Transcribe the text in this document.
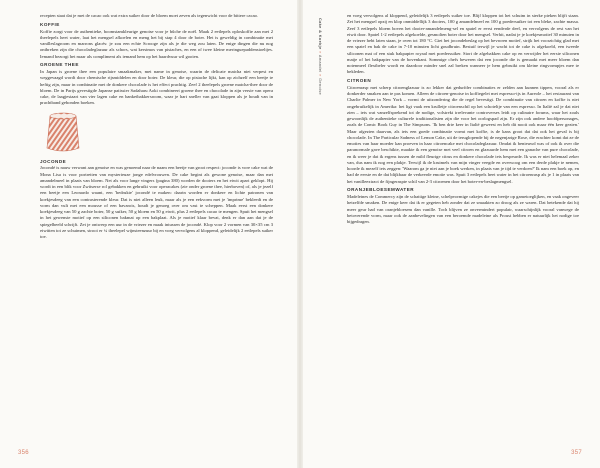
recepten staat dat je met de cacao ook wat extra suiker door de bloem moet zeven als tegenwicht voor de bittere cacao.

KOFFIE

Koffie zorgt voor de authentieke, boomstamkleurige genoise voor je bûche de noël. Maak 2 eetlepels oploskoffie aan met 2 theelepels heet water, laat het mengsel afkoelen en meng het bij stap 4 door de boter. Het is geweldig in combinatie met vanilleslagroom en marrons glacés: je zou een echte Scrooge zijn als je die weg zou laten. De enige dingen die nu nog ontbreken zijn die chocoladeglazuur als schors, wat kerstmos van pistaches, en een of twee kleine meringuepaddenstoeltjes. Iemand bezorgt het maar als compliment als iemand hem op het haardvuur wil gooien.

GROENE THEE

In Japan is groene thee een populaire smaakmaker, met name in genoise, waarin de delicate matcha niet verpest en weggevaagd wordt door chemische rijsmiddelen en door boter. De kleur, die op pistache lijkt, kan op zichzelf een beetje te heftig zijn, maar in combinatie met de donkere chocolade is het effect prachtig. Zeef 2 theelepels groene matcha-thee door de bloem. De in Parijs gevestigde Japanse patissier Sadaharu Aoki combineert groene thee en chocolade in zijn versie van opera cake, de laagjestaart van vier lagen cake en banketbakkersroom, waar je hart sneller van gaat kloppen als je houdt van in prachtband gebonden boeken.

JOCONDE

Jocondé is nauw verwant aan genoise en was genoemd naar de naam een beetje van groot respect: joconde is vore cake wat de Mona Lisa is voor portretten van mysterieuze jonge edelvrouwen. De cake begint als gewone genoise, maar dan met amandelmeel in plaats van bloem. Net als voor lange vingers (pagina 380) worden de dooiers en het eiwit apart geklopt. Hij wordt in een blik voor Zwitserse rol gebakken en gebruikt voor operacakes (zie onder groene thee, hierboven) of, als je jezelf een beetje een Leonardo waant, een 'bedrukte' jocondé te maken: daarin worden er donkere en lichte patronen van koekjesdeeg van een contrasterende kleur. Dat is niet alleen leuk, maar als je een eekvorm met je 'imprime' bekleedt en de vorm dan vult met een mousse of een bavarois, houdt je genoeg over om vast te scheppen. Maak eerst een donkere koekjesdeeg van 50 g zachte boter, 50 g suiker, 50 g bloem en 50 g eiwit, plus 2 eetlepels cacao te mengen. Spuit het mengsel in het gewenste motief op een siliconen bakmat op een bakplaat. Als je motief klaar bevat, denk er dan aan dat je de spiegelbeeld schrijft. Zet je ontwerp een uur in de vriezer en maak intussen de jocondé. Klop voor 2 vormen van 30×35 cm 3 eiwitten tot ze schuimen, strooi er ¼ theelepel wijnsteenzuur bij en voeg vervolgens al kloppend, geleidelijk 2 eetlepels suiker toe.

356
Cake & Koekje » Amandel » Genoise

en voeg vervolgens al kloppend, geleidelijk 3 eetlepels suiker toe. Blijf kloppen tot het schuim in sterke pieken blijft staan. Zet het mengsel opzij en klop onmiddellijk 3 dooiers, 100 g amandelmeel en 100 g poedersuiker tot een bleke, zachte massa. Zeef 3 eetlepels bloem boven het dooier-amandelmeng-sel en spatel er eerst eenderde deel, en vervolgens de rest van het eiwit door. Spatel 1-2 eetlepels afgekoelde, gesmolten boter door het mengsel. Verhit, nadat je je koekjesmotief 30 minuten in de vriezer hebt laten staan, je oven tot 180 °C. Giet het jocondebeslag op het bevroren motief, strijk het voorzichtig glad met een spatel en bak de cake in 7-10 minuten licht goudbruin. Bestuif terwijl je wacht tot de cake is afgekoeld, een tweede siliconen mat of een stuk bakpapier royaal met poedersuiker. Stort de afgebakken cake op en verwijder het eerste siliconen matje of het bakpapier van de bovenkant. Sommige chefs beweren dat een joconde die is gemaakt met meer bloem dan notenmeel flexibeler wordt en daardoor minder snel zal breken wanneer je hem gebruikt om kleine ringvormpjes mee te bekleden.

CITROEN

Citroenrasp met scherp citroenglazuur is zo lekker dat gedurfder combinaties er zelden aan kunnen tippen, vooral als er donkerder smaken aan te pas komen. Alleen de citroen-genoise in koffiegelei met espresso-ijs in Aureole – het restaurant van Charlie Palmer in New York – vormt de uitzondering die de regel bevestigt. De combinatie van citroen en koffie is niet ongebruikelijk in Amerika: het ligt vaak een krulletje citroenschil op het schoteltje van een espresso. In Italië zal je dat niet zien – iets wat vanzelfsprekend tot de nodige, volstrekt irrelevante controverses leidt op culinaire forums, waar het zoals gewoonlijk de authentieke culturele traditionalisten zijn die voor het oorlogspad zijn. Er zijn ook andere hoofdpersonages, zoals de Comic Book Guy in The Simpsons. 'Ik ben drie keer in Italië geweest en heb dit nooit ook maar één keer gezien.' Maar afgezien daarvan, als iets een goede combinatie vormt met koffie, is de kans groot dat dat ook het geval is bij chocolade. In The Particular Sadness of Lemon Cake, uit de teruglopende bij de negenjarige Rose, die erachter komt dat ze de emoties van haar moeder kan proeven in haar citroencake met chocoladeglazuur. Omdat ik benieuwd was of ook ik over die paranormale gave beschikte, maakte ik een genoise met veel citroen en glazuurde hem met een ganache van pure chocolade, en ik weer je dat ik ergens tussen de mild fleurige citrus en donkere chocolade iets bespeurde. Ik was er niet helemaal zeker van, dus nam ik nog een plakje. Terwijl ik de kruimels van mijn vinger veegde en overwoog om een derde plakje te nemen, hoorde ik mezelf iets zeggen: 'Waarom ga je niet aan je boek werken, in plaats van je tijd te verdoen?' Ik nam een boek op, en had de eerste en de dat blijkbaar de verkeerde emotie was. Spuit 3 eetlepels heet water in het citroenrasp als je 1 in plaats van het vanilleextract de fijngeraspte schil van 2-3 citroenen door het boter-en-beslagmengsel.

ORANJEBLOESEMWATER

Madeleines de Commercy zijn de schattige kleine, schelpvormige cakejes die een beetje op gametoeglijken, en vaak ongeveer hetzelfde smaken. De enige keer dat ik er gegeten heb zonder dat ze smaakten zo droog als ze waren. Dat betekende dat hij meer geur had van oranjebloesem dan vanille. Toch blijven ze onvermindert populair, waarschijnlijk vooral vanwege de betoverende vorm, maar ook de aanbevelingen van een beroemde madeleine als Proust hebben er natuurlijk het nodige toe bijgedragen.

357
